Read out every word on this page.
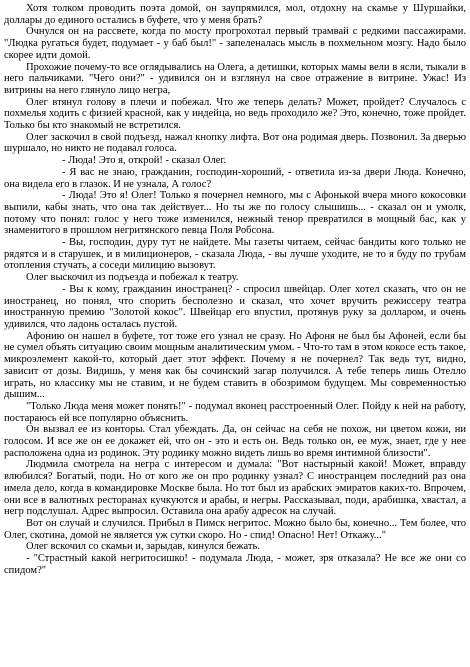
Хотя толком проводить поэта домой, он заупрямился, мол, отдохну на скамье у Шуршайки, доллары до единого остались в буфете, что у меня брать?

Очнулся он на рассвете, когда по мосту прогрохотал первый трамвай с редкими пассажирами. "Людка ругаться будет, подумает - у баб был!" - запеленалась мысль в похмельном мозгу. Надо было скорее идти домой.

Прохожие почему-то все оглядывались на Олега, а детишки, которых мамы вели в ясли, тыкали в него пальчиками. "Чего они?" - удивился он и взглянул на свое отражение в витрине. Ужас! Из витрины на него глянуло лицо негра,

Олег втянул голову в плечи и побежал. Что же теперь делать? Может, пройдет? Случалось с похмелья ходить с физией красной, как у индейца, но ведь проходило же? Это, конечно, тоже пройдет. Только бы кто знакомый не встретился.

Олег заскочил в свой подъезд, нажал кнопку лифта. Вот она родимая дверь. Позвонил. За дверью шуршало, но никто не подавал голоса.

- Люда! Это я, открой! - сказал Олег.

- Я вас не знаю, гражданин, господин-хороший, - ответила из-за двери Люда. Конечно, она видела его в глазок. И не узнала, А голос?

- Люда! Это я! Олег! Только я почернел немного, мы с Афонькой вчера много кокосовки выпили, кабы знать, что она так действует... Но ты же по голосу слышишь... - сказал он и умолк, потому что понял: голос у него тоже изменился, нежный тенор превратился в мощный бас, как у знаменитого в прошлом негритянского певца Поля Робсона.

- Вы, господин, дуру тут не найдете. Мы газеты читаем, сейчас бандиты кого только не рядятся и в старушек, и в милиционеров, - сказала Люда, - вы лучше уходите, не то я буду по трубам отопления стучать, а соседи милицию вызовут.

Олег выскочил из подъезда и побежал к театру.

- Вы к кому, гражданин иностранец? - спросил швейцар. Олег хотел сказать, что он не иностранец, но понял, что спорить бесполезно и сказал, что хочет вручить режиссеру театра иностранную премию "Золотой кокос". Швейцар его впустил, протянув руку за долларом, и очень удивился, что ладонь осталась пустой.

Афонию он нашел в буфете, тот тоже его узнал не сразу. Но Афоня не был бы Афоней, если бы не сумел объять ситуацию своим мощным аналитическим умом. - Что-то там в этом кокосе есть такое, микроэлемент какой-то, который дает этот эффект. Почему я не почернел? Так ведь тут, видно, зависит от дозы. Видишь, у меня как бы сочинский загар получился. А тебе теперь лишь Отелло играть, но классику мы не ставим, и не будем ставить в обозримом будущем. Мы современностью дышим...

"Только Люда меня может понять!" - подумал вконец расстроенный Олег. Пойду к ней на работу, постараюсь ей все популярно объяснить.

Он вызвал ее из конторы. Стал убеждать. Да, он сейчас на себя не похож, ни цветом кожи, ни голосом. И все же он ее докажет ей, что он - это и есть он. Ведь только он, ее муж, знает, где у нее расположена одна из родинок. Эту родинку можно видеть лишь во время интимной близости".

Людмила смотрела на негра с интересом и думала: "Вот настырный какой! Может, вправду влюбился? Богатый, поди. Но от кого же он про родинку узнал? С иностранцем последний раз она имела дело, когда в командировке Москве была. Но тот был из арабских эмиратов каких-то. Впрочем, они все в валютных ресторанах кучкуются и арабы, и негры. Рассказывал, поди, арабишка, хвастал, а негр подслушал. Адрес выпросил. Оставила она арабу адресок на случай.

Вот он случай и случился. Прибыл в Пимск негритос. Можно было бы, конечно... Тем более, что Олег, скотина, домой не является уж сутки скоро. Но - спид! Опасно! Нет! Откажу..."

Олег вскочил со скамьи и, зарыдав, кинулся бежать.

- "Страстный какой негритосишко! - подумала Люда, - может, зря отказала? Не все же они со спидом?"
